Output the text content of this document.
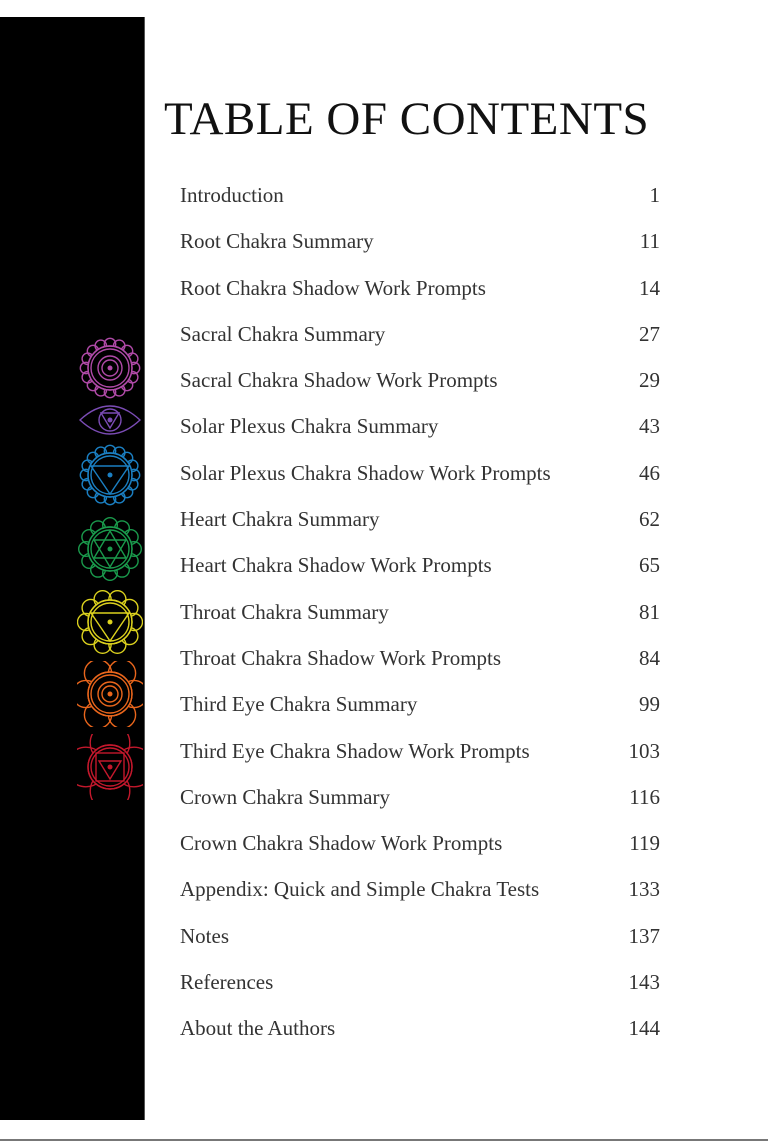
TABLE OF CONTENTS
Introduction	1
Root Chakra Summary	11
Root Chakra Shadow Work Prompts	14
Sacral Chakra Summary	27
Sacral Chakra Shadow Work Prompts	29
Solar Plexus Chakra Summary	43
Solar Plexus Chakra Shadow Work Prompts	46
Heart Chakra Summary	62
Heart Chakra Shadow Work Prompts	65
Throat Chakra Summary	81
Throat Chakra Shadow Work Prompts	84
Third Eye Chakra Summary	99
Third Eye Chakra Shadow Work Prompts	103
Crown Chakra Summary	116
Crown Chakra Shadow Work Prompts	119
Appendix: Quick and Simple Chakra Tests	133
Notes	137
References	143
About the Authors	144
